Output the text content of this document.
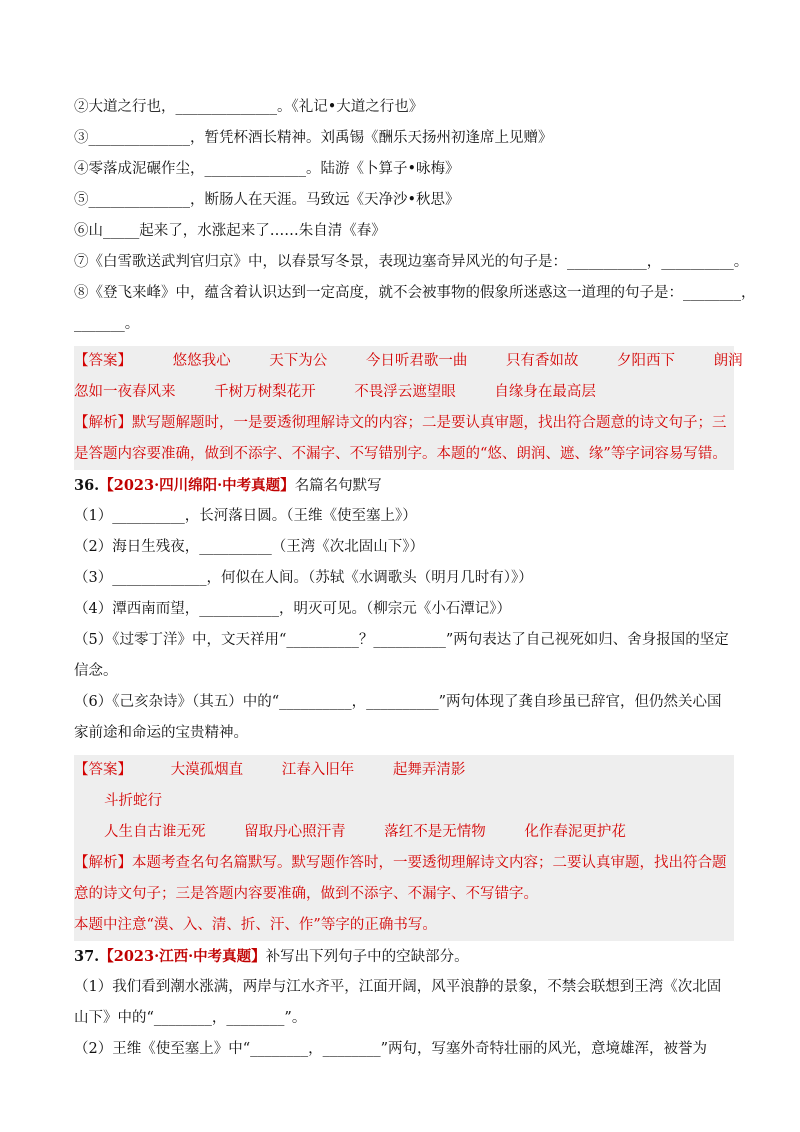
②大道之行也，______________。《礼记•大道之行也》
③______________，暂凭杯酒长精神。刘禹锡《酬乐天扬州初逢席上见赠》
④零落成泥碾作尘，______________。陆游《卜算子•咏梅》
⑤______________，断肠人在天涯。马致远《天净沙•秋思》
⑥山_____起来了，水涨起来了……朱自清《春》
⑦《白雪歌送武判官归京》中，以春景写冬景，表现边塞奇异风光的句子是：___________，__________。
⑧《登飞来峰》中，蕴含着认识达到一定高度，就不会被事物的假象所迷惑这一道理的句子是：________，
_______。
【答案】	悠悠我心	天下为公	今日听君歌一曲	只有香如故	夕阳西下	朗润
忽如一夜春风来	千树万树梨花开	不畏浮云遮望眼	自缘身在最高层
【解析】默写题解题时，一是要透彻理解诗文的内容；二是要认真审题，找出符合题意的诗文句子；三是答题内容要准确，做到不添字、不漏字、不写错别字。本题的“悠、朗润、遮、缘”等字词容易写错。
36.【2023·四川绵阳·中考真题】名篇名句默写
（1）__________，长河落日圆。（王维《使至塞上》）
（2）海日生残夜，__________（王湾《次北固山下》）
（3）_____________，何似在人间。（苏轼《水调歌头（明月几时有）》）
（4）潭西南而望，___________，明灭可见。（柳宗元《小石潭记》）
（5）《过零丁洋》中，文天祥用“__________？__________”两句表达了自己视死如归、舍身报国的坚定信念。
（6）《己亥杂诗》（其五）中的“__________，__________”两句体现了龚自珍虽已辞官，但仍然关心国家前途和命运的宝贵精神。
【答案】	大漠孤烟直	江春入旧年	起舞弄清影
斗折蛇行
人生自古谁无死	留取丹心照汗青	落红不是无情物	化作春泥更护花
【解析】本题考查名句名篇默写。默写题作答时，一要透彻理解诗文内容；二要认真审题，找出符合题意的诗文句子；三是答题内容要准确，做到不添字、不漏字、不写错字。
本题中注意“漠、入、清、折、汗、作”等字的正确书写。
37.【2023·江西·中考真题】补写出下列句子中的空缺部分。
（1）我们看到潮水涨满，两岸与江水齐平，江面开阔，风平浪静的景象，不禁会联想到王湾《次北固山下》中的“________，________”。
（2）王维《使至塞上》中“________，________”两句，写塞外奇特壮丽的风光，意境雄浑，被誉为
